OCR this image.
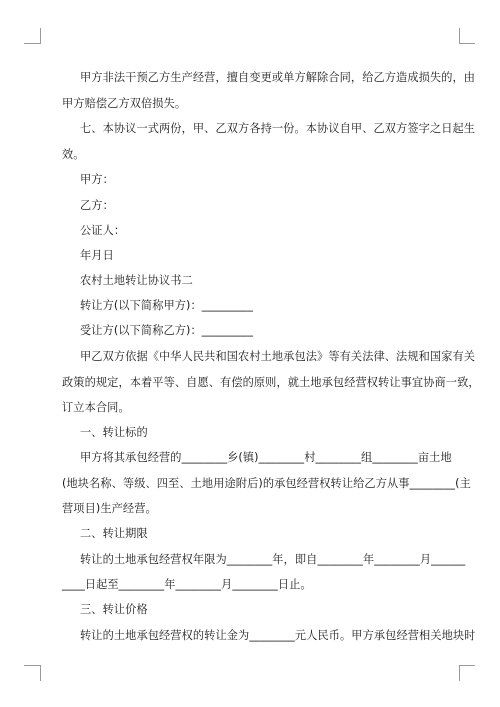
甲方非法干预乙方生产经营，擅自变更或单方解除合同，给乙方造成损失的，由
甲方赔偿乙方双倍损失。
七、本协议一式两份，甲、乙双方各持一份。本协议自甲、乙双方签字之日起生
效。
甲方：
乙方：
公证人：
年月日
农村土地转让协议书二
转让方(以下简称甲方)：_________
受让方(以下简称乙方)：_________
甲乙双方依据《中华人民共和国农村土地承包法》等有关法律、法规和国家有关
政策的规定，本着平等、自愿、有偿的原则，就土地承包经营权转让事宜协商一致，
订立本合同。
一、转让标的
甲方将其承包经营的________乡(镇)________村________组________亩土地
(地块名称、等级、四至、土地用途附后)的承包经营权转让给乙方从事________(主
营项目)生产经营。
二、转让期限
转让的土地承包经营权年限为________年，即自________年________月______
____日起至________年________月________日止。
三、转让价格
转让的土地承包经营权的转让金为________元人民币。甲方承包经营相关地块时
